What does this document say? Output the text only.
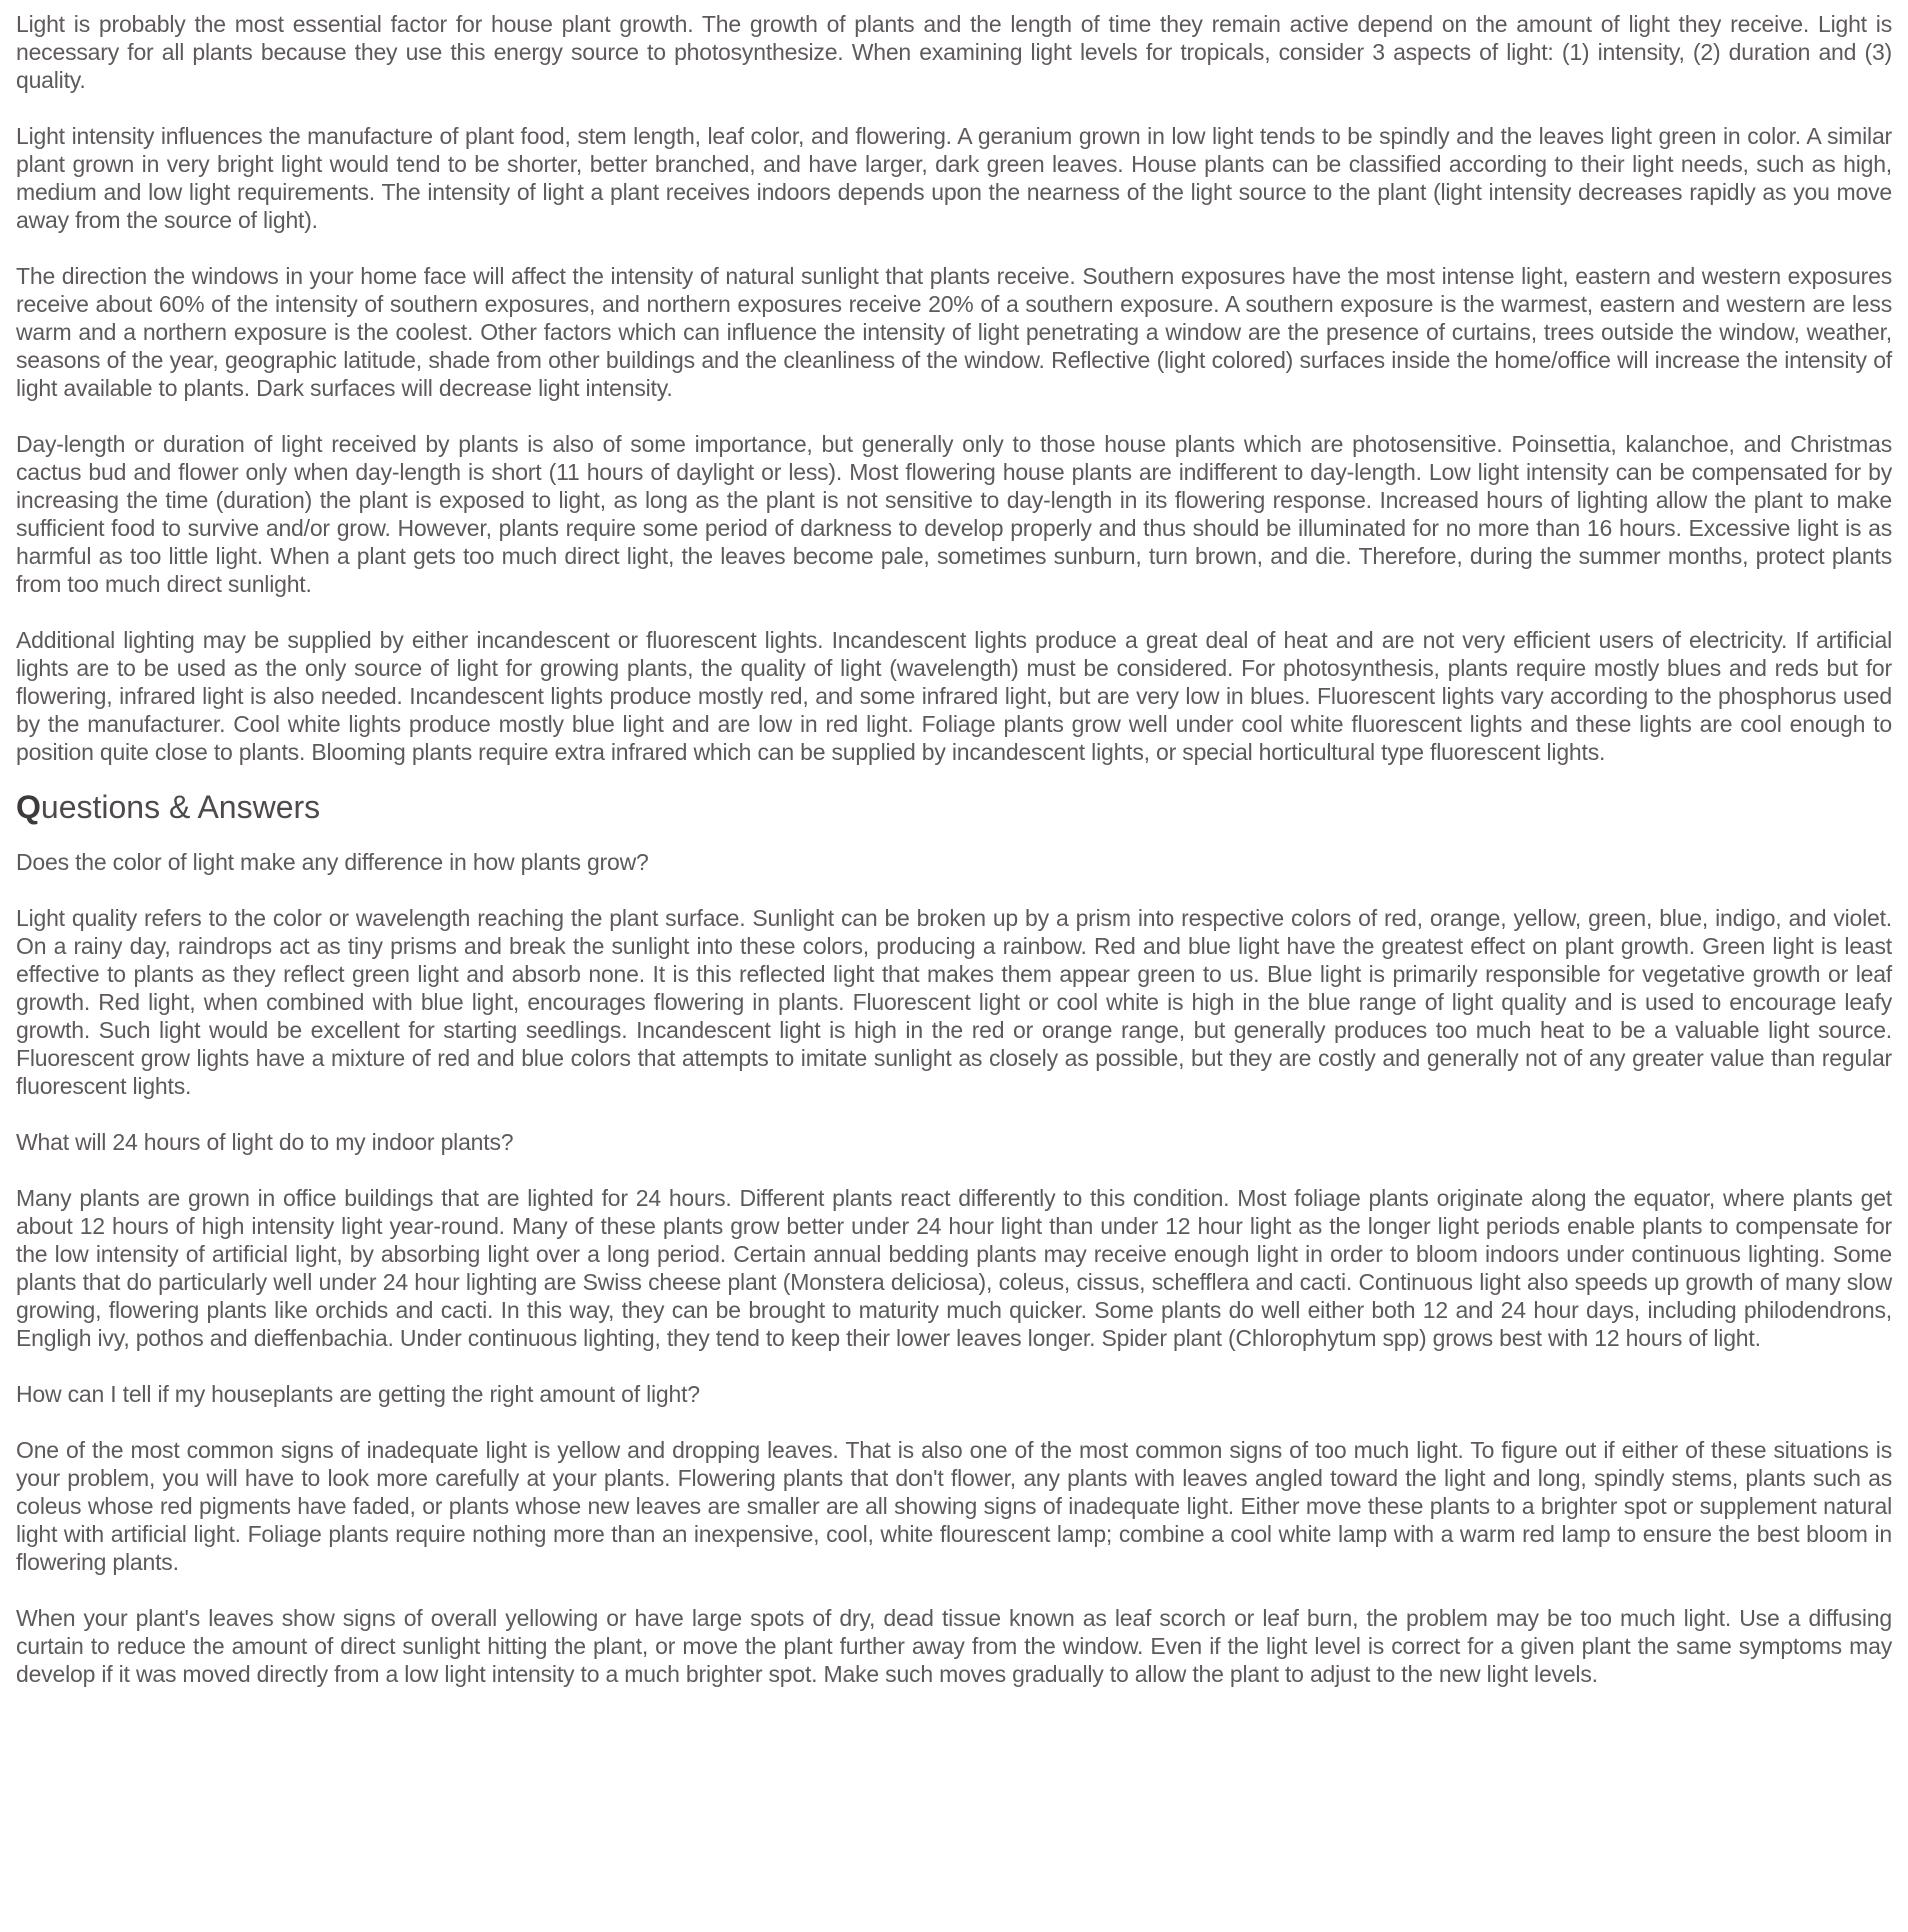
Light is probably the most essential factor for house plant growth. The growth of plants and the length of time they remain active depend on the amount of light they receive. Light is necessary for all plants because they use this energy source to photosynthesize. When examining light levels for tropicals, consider 3 aspects of light: (1) intensity, (2) duration and (3) quality.

Light intensity influences the manufacture of plant food, stem length, leaf color, and flowering. A geranium grown in low light tends to be spindly and the leaves light green in color. A similar plant grown in very bright light would tend to be shorter, better branched, and have larger, dark green leaves. House plants can be classified according to their light needs, such as high, medium and low light requirements. The intensity of light a plant receives indoors depends upon the nearness of the light source to the plant (light intensity decreases rapidly as you move away from the source of light).

The direction the windows in your home face will affect the intensity of natural sunlight that plants receive. Southern exposures have the most intense light, eastern and western exposures receive about 60% of the intensity of southern exposures, and northern exposures receive 20% of a southern exposure. A southern exposure is the warmest, eastern and western are less warm and a northern exposure is the coolest. Other factors which can influence the intensity of light penetrating a window are the presence of curtains, trees outside the window, weather, seasons of the year, geographic latitude, shade from other buildings and the cleanliness of the window. Reflective (light colored) surfaces inside the home/office will increase the intensity of light available to plants. Dark surfaces will decrease light intensity.

Day-length or duration of light received by plants is also of some importance, but generally only to those house plants which are photosensitive. Poinsettia, kalanchoe, and Christmas cactus bud and flower only when day-length is short (11 hours of daylight or less). Most flowering house plants are indifferent to day-length. Low light intensity can be compensated for by increasing the time (duration) the plant is exposed to light, as long as the plant is not sensitive to day-length in its flowering response. Increased hours of lighting allow the plant to make sufficient food to survive and/or grow. However, plants require some period of darkness to develop properly and thus should be illuminated for no more than 16 hours. Excessive light is as harmful as too little light. When a plant gets too much direct light, the leaves become pale, sometimes sunburn, turn brown, and die. Therefore, during the summer months, protect plants from too much direct sunlight.

Additional lighting may be supplied by either incandescent or fluorescent lights. Incandescent lights produce a great deal of heat and are not very efficient users of electricity. If artificial lights are to be used as the only source of light for growing plants, the quality of light (wavelength) must be considered. For photosynthesis, plants require mostly blues and reds but for flowering, infrared light is also needed. Incandescent lights produce mostly red, and some infrared light, but are very low in blues. Fluorescent lights vary according to the phosphorus used by the manufacturer. Cool white lights produce mostly blue light and are low in red light. Foliage plants grow well under cool white fluorescent lights and these lights are cool enough to position quite close to plants. Blooming plants require extra infrared which can be supplied by incandescent lights, or special horticultural type fluorescent lights.

Questions & Answers

Does the color of light make any difference in how plants grow?

Light quality refers to the color or wavelength reaching the plant surface. Sunlight can be broken up by a prism into respective colors of red, orange, yellow, green, blue, indigo, and violet. On a rainy day, raindrops act as tiny prisms and break the sunlight into these colors, producing a rainbow. Red and blue light have the greatest effect on plant growth. Green light is least effective to plants as they reflect green light and absorb none. It is this reflected light that makes them appear green to us. Blue light is primarily responsible for vegetative growth or leaf growth. Red light, when combined with blue light, encourages flowering in plants. Fluorescent light or cool white is high in the blue range of light quality and is used to encourage leafy growth. Such light would be excellent for starting seedlings. Incandescent light is high in the red or orange range, but generally produces too much heat to be a valuable light source. Fluorescent grow lights have a mixture of red and blue colors that attempts to imitate sunlight as closely as possible, but they are costly and generally not of any greater value than regular fluorescent lights.

What will 24 hours of light do to my indoor plants?

Many plants are grown in office buildings that are lighted for 24 hours. Different plants react differently to this condition. Most foliage plants originate along the equator, where plants get about 12 hours of high intensity light year-round. Many of these plants grow better under 24 hour light than under 12 hour light as the longer light periods enable plants to compensate for the low intensity of artificial light, by absorbing light over a long period. Certain annual bedding plants may receive enough light in order to bloom indoors under continuous lighting. Some plants that do particularly well under 24 hour lighting are Swiss cheese plant (Monstera deliciosa), coleus, cissus, schefflera and cacti. Continuous light also speeds up growth of many slow growing, flowering plants like orchids and cacti. In this way, they can be brought to maturity much quicker. Some plants do well either both 12 and 24 hour days, including philodendrons, Engligh ivy, pothos and dieffenbachia. Under continuous lighting, they tend to keep their lower leaves longer. Spider plant (Chlorophytum spp) grows best with 12 hours of light.

How can I tell if my houseplants are getting the right amount of light?

One of the most common signs of inadequate light is yellow and dropping leaves. That is also one of the most common signs of too much light. To figure out if either of these situations is your problem, you will have to look more carefully at your plants. Flowering plants that don't flower, any plants with leaves angled toward the light and long, spindly stems, plants such as coleus whose red pigments have faded, or plants whose new leaves are smaller are all showing signs of inadequate light. Either move these plants to a brighter spot or supplement natural light with artificial light. Foliage plants require nothing more than an inexpensive, cool, white flourescent lamp; combine a cool white lamp with a warm red lamp to ensure the best bloom in flowering plants.

When your plant's leaves show signs of overall yellowing or have large spots of dry, dead tissue known as leaf scorch or leaf burn, the problem may be too much light. Use a diffusing curtain to reduce the amount of direct sunlight hitting the plant, or move the plant further away from the window. Even if the light level is correct for a given plant the same symptoms may develop if it was moved directly from a low light intensity to a much brighter spot. Make such moves gradually to allow the plant to adjust to the new light levels.
